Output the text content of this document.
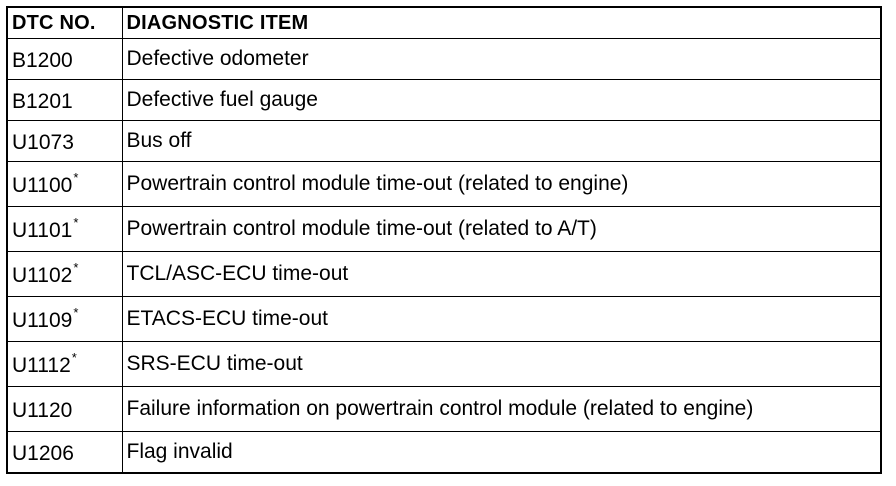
DTC NO.	DIAGNOSTIC ITEM
B1200	Defective odometer
B1201	Defective fuel gauge
U1073	Bus off
U1100*	Powertrain control module time-out (related to engine)
U1101*	Powertrain control module time-out (related to A/T)
U1102*	TCL/ASC-ECU time-out
U1109*	ETACS-ECU time-out
U1112*	SRS-ECU time-out
U1120	Failure information on powertrain control module (related to engine)
U1206	Flag invalid
